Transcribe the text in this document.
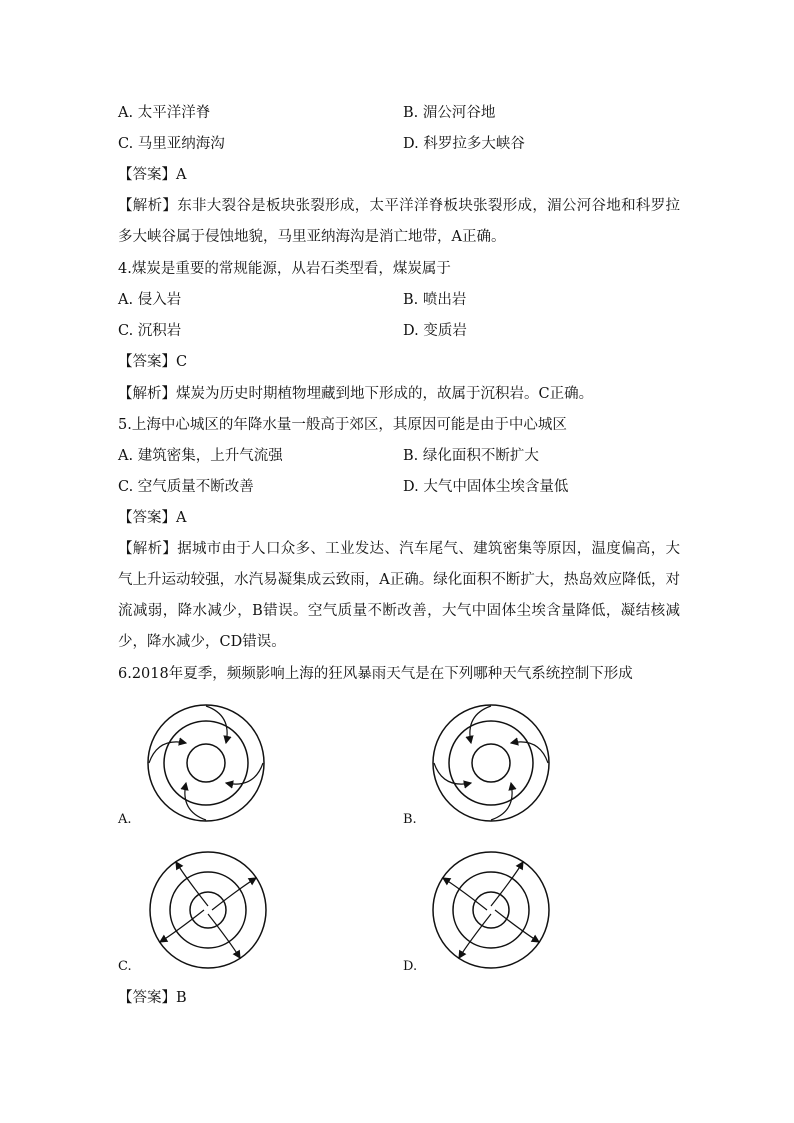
A. 太平洋洋脊	B. 湄公河谷地
C. 马里亚纳海沟	D. 科罗拉多大峡谷
【答案】A
【解析】东非大裂谷是板块张裂形成，太平洋洋脊板块张裂形成，湄公河谷地和科罗拉多大峡谷属于侵蚀地貌，马里亚纳海沟是消亡地带，A正确。
4.煤炭是重要的常规能源，从岩石类型看，煤炭属于
A. 侵入岩	B. 喷出岩
C. 沉积岩	D. 变质岩
【答案】C
【解析】煤炭为历史时期植物埋藏到地下形成的，故属于沉积岩。C正确。
5.上海中心城区的年降水量一般高于郊区，其原因可能是由于中心城区
A. 建筑密集，上升气流强	B. 绿化面积不断扩大
C. 空气质量不断改善	D. 大气中固体尘埃含量低
【答案】A
【解析】据城市由于人口众多、工业发达、汽车尾气、建筑密集等原因，温度偏高，大气上升运动较强，水汽易凝集成云致雨，A正确。绿化面积不断扩大，热岛效应降低，对流减弱，降水减少，B错误。空气质量不断改善，大气中固体尘埃含量降低，凝结核减少，降水减少，CD错误。
6.2018年夏季，频频影响上海的狂风暴雨天气是在下列哪种天气系统控制下形成
A.	B.
C.	D.
【答案】B
